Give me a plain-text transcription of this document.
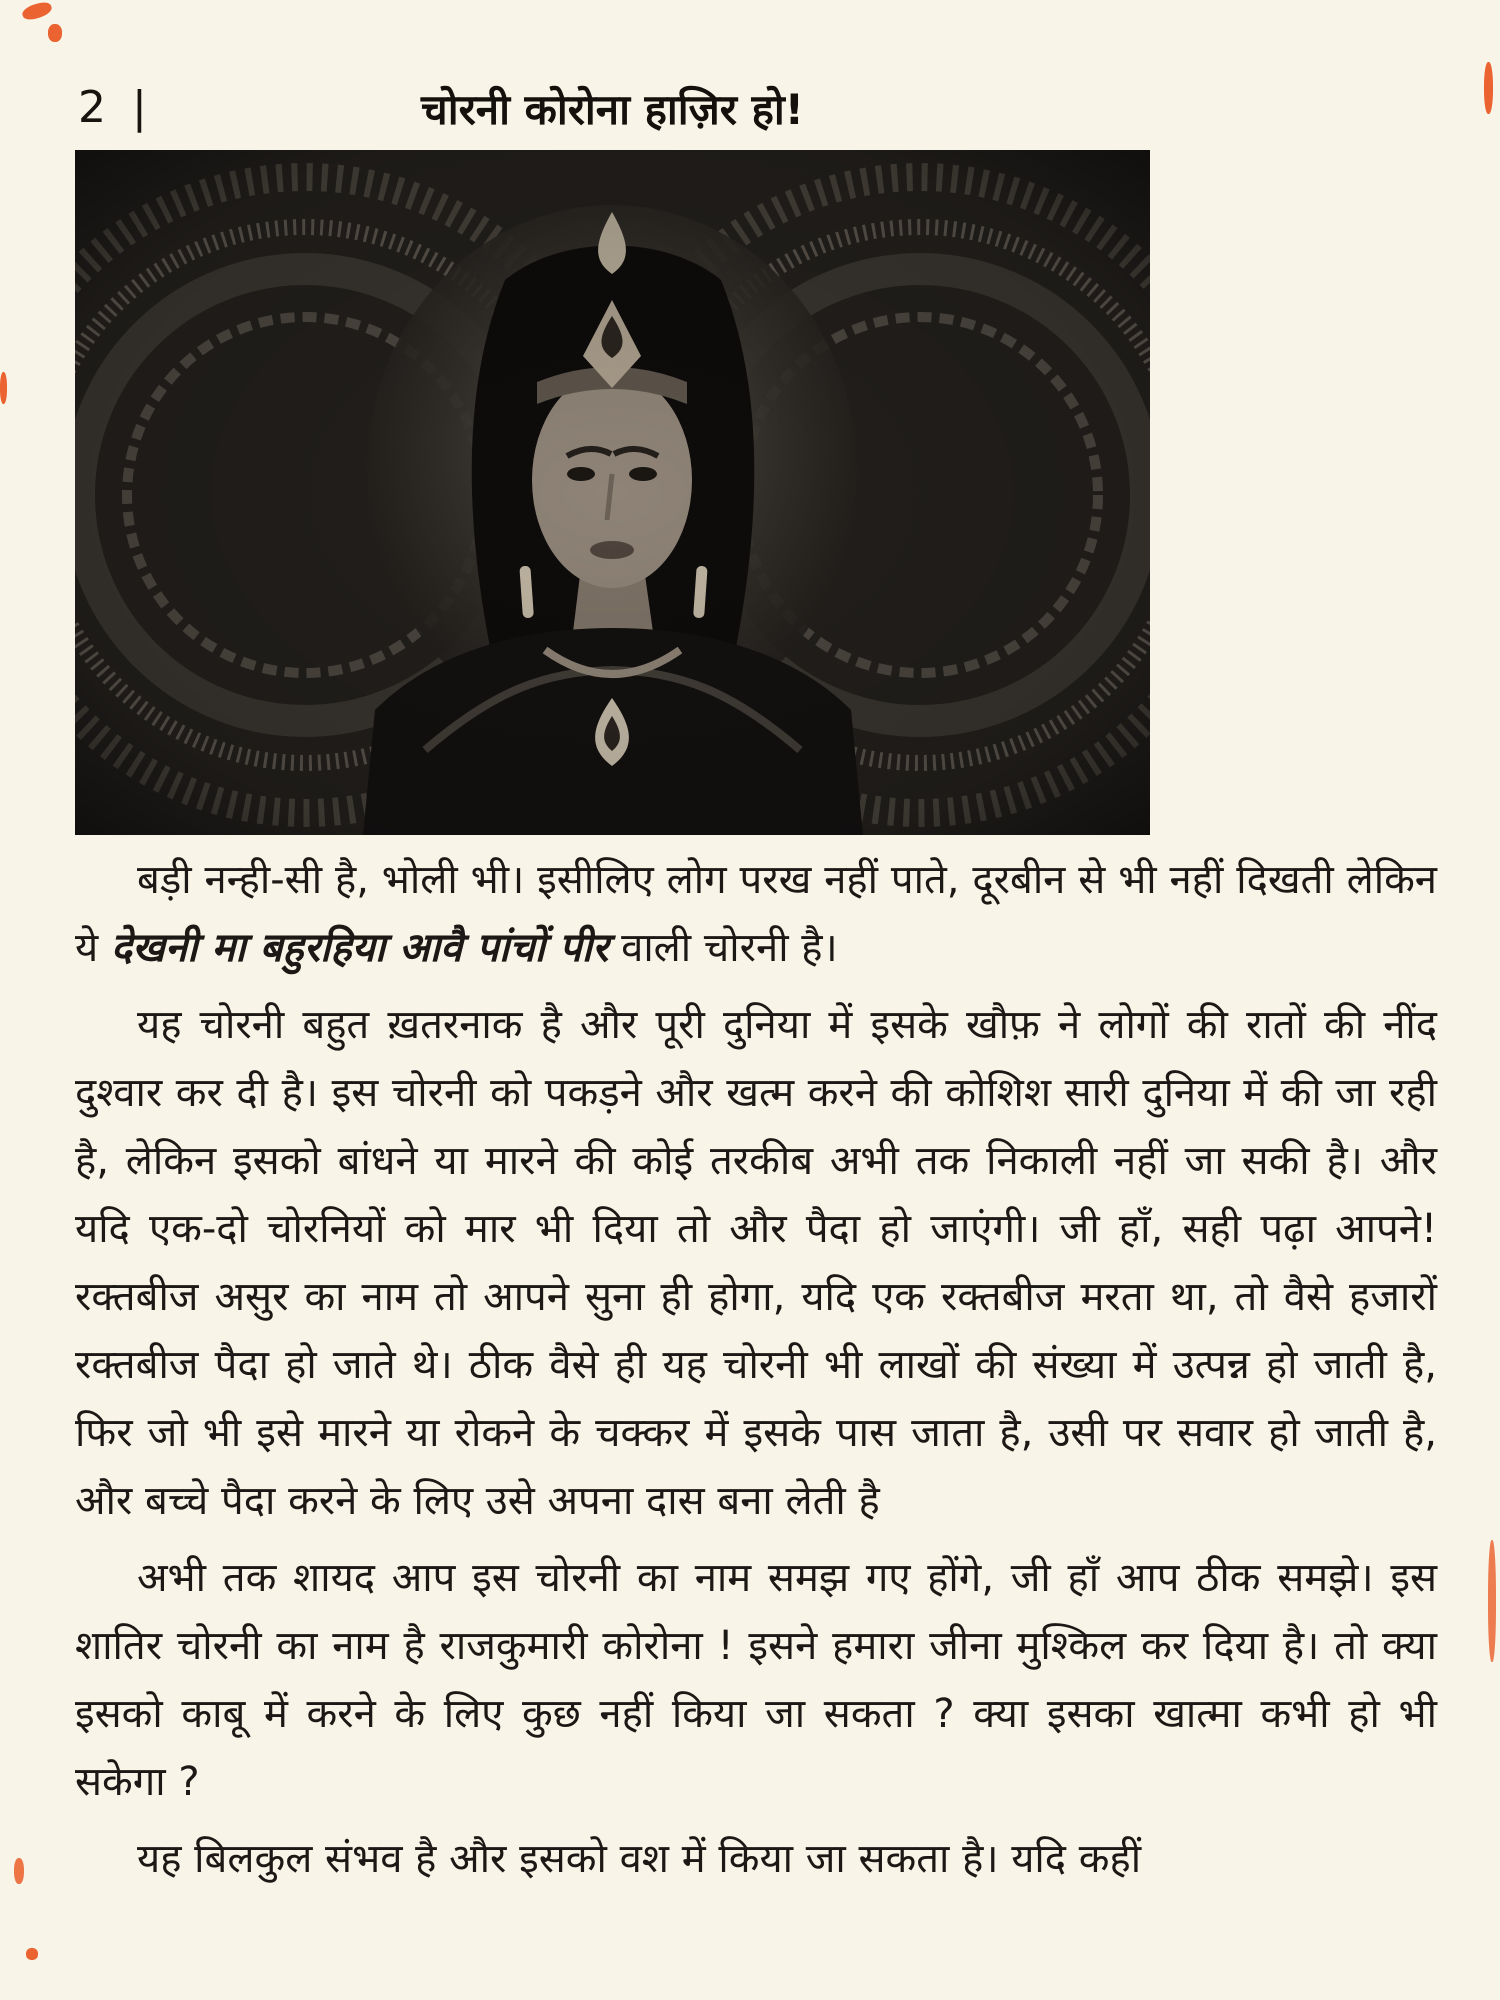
2 |	चोरनी कोरोना हाज़िर हो!

बड़ी नन्ही-सी है, भोली भी। इसीलिए लोग परख नहीं पाते, दूरबीन से भी नहीं दिखती लेकिन ये देखनी मा बहुरहिया आवै पांचों पीर वाली चोरनी है।

यह चोरनी बहुत ख़तरनाक है और पूरी दुनिया में इसके खौफ़ ने लोगों की रातों की नींद दुश्वार कर दी है। इस चोरनी को पकड़ने और खत्म करने की कोशिश सारी दुनिया में की जा रही है, लेकिन इसको बांधने या मारने की कोई तरकीब अभी तक निकाली नहीं जा सकी है। और यदि एक-दो चोरनियों को मार भी दिया तो और पैदा हो जाएंगी। जी हाँ, सही पढ़ा आपने! रक्तबीज असुर का नाम तो आपने सुना ही होगा, यदि एक रक्तबीज मरता था, तो वैसे हजारों रक्तबीज पैदा हो जाते थे। ठीक वैसे ही यह चोरनी भी लाखों की संख्या में उत्पन्न हो जाती है, फिर जो भी इसे मारने या रोकने के चक्कर में इसके पास जाता है, उसी पर सवार हो जाती है, और बच्चे पैदा करने के लिए उसे अपना दास बना लेती है

अभी तक शायद आप इस चोरनी का नाम समझ गए होंगे, जी हाँ आप ठीक समझे। इस शातिर चोरनी का नाम है राजकुमारी कोरोना ! इसने हमारा जीना मुश्किल कर दिया है। तो क्या इसको काबू में करने के लिए कुछ नहीं किया जा सकता ? क्या इसका खात्मा कभी हो भी सकेगा ?

यह बिलकुल संभव है और इसको वश में किया जा सकता है। यदि कहीं
